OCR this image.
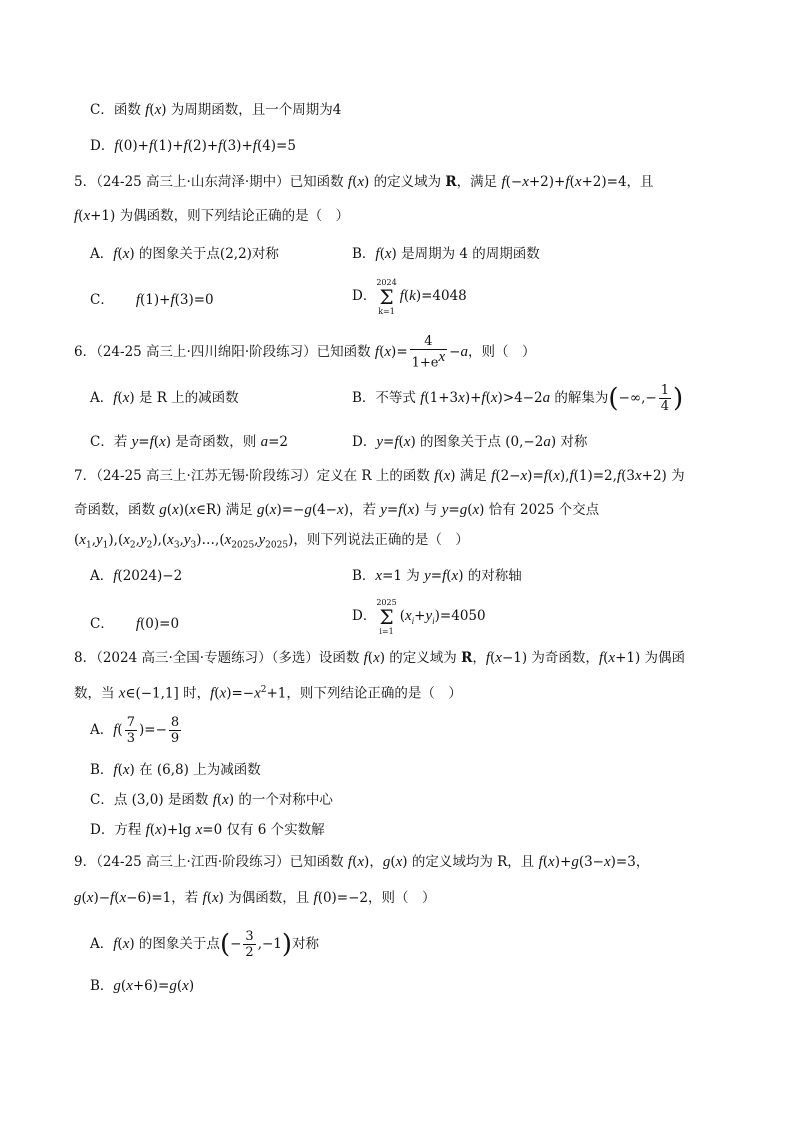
C．函数 f(x) 为周期函数，且一个周期为4
D．f(0)+f(1)+f(2)+f(3)+f(4)=5
5．（24-25 高三上·山东菏泽·期中）已知函数 f(x) 的定义域为 R，满足 f(−x+2)+f(x+2)=4，且
f(x+1) 为偶函数，则下列结论正确的是（　）
A．f(x) 的图象关于点(2,2)对称	B．f(x) 是周期为 4 的周期函数
C． f(1)+f(3)=0	D．
2024
Σ
k=1
f(k)=4048
6．（24-25 高三上·四川绵阳·阶段练习）已知函数 $f(x)= \frac{4}{1+e^x} -a$，则（　）
A．f(x) 是 R 上的减函数	B．不等式 f(1+3x)+f(x)>4−2a 的解集为(−∞,− $\frac{1}{4}$ )
C．若 y=f(x) 是奇函数，则 a=2	D．y=f(x) 的图象关于点 (0,−2a) 对称
7．（24-25 高三上·江苏无锡·阶段练习）定义在 R 上的函数 f(x) 满足 f(2−x)=f(x),f(1)=2,f(3x+2) 为
奇函数，函数 g(x)(x∈R) 满足 g(x)=−g(4−x)，若 y=f(x) 与 y=g(x) 恰有 2025 个交点
$(x_1,y_1),(x_2,y_2),(x_3,y_3)\dots,(x_{2025},y_{2025})$，则下列说法正确的是（　）
A．f(2024)−2	B．x=1 为 y=f(x) 的对称轴
C． f(0)=0	D．
2025
Σ
i=1
$(x_i+y_i)=4050$
8．（2024 高三·全国·专题练习）（多选）设函数 f(x) 的定义域为 R，f(x−1) 为奇函数，f(x+1) 为偶函
数，当 x∈(−1,1] 时，$f(x)=-x^2+1$，则下列结论正确的是（　）
A．$f( \frac{7}{3}$ )=− $\frac{8}{9}$
B．f(x) 在 (6,8) 上为减函数
C．点 (3,0) 是函数 f(x) 的一个对称中心
D．方程 f(x)+lg x=0 仅有 6 个实数解
9．（24-25 高三上·江西·阶段练习）已知函数 f(x)，g(x) 的定义域均为 R，且 f(x)+g(3−x)=3，
g(x)−f(x−6)=1，若 f(x) 为偶函数，且 f(0)=−2，则（　）
A．f(x) 的图象关于点(− $\frac{3}{2} ,-1$)对称
B．g(x+6)=g(x)
